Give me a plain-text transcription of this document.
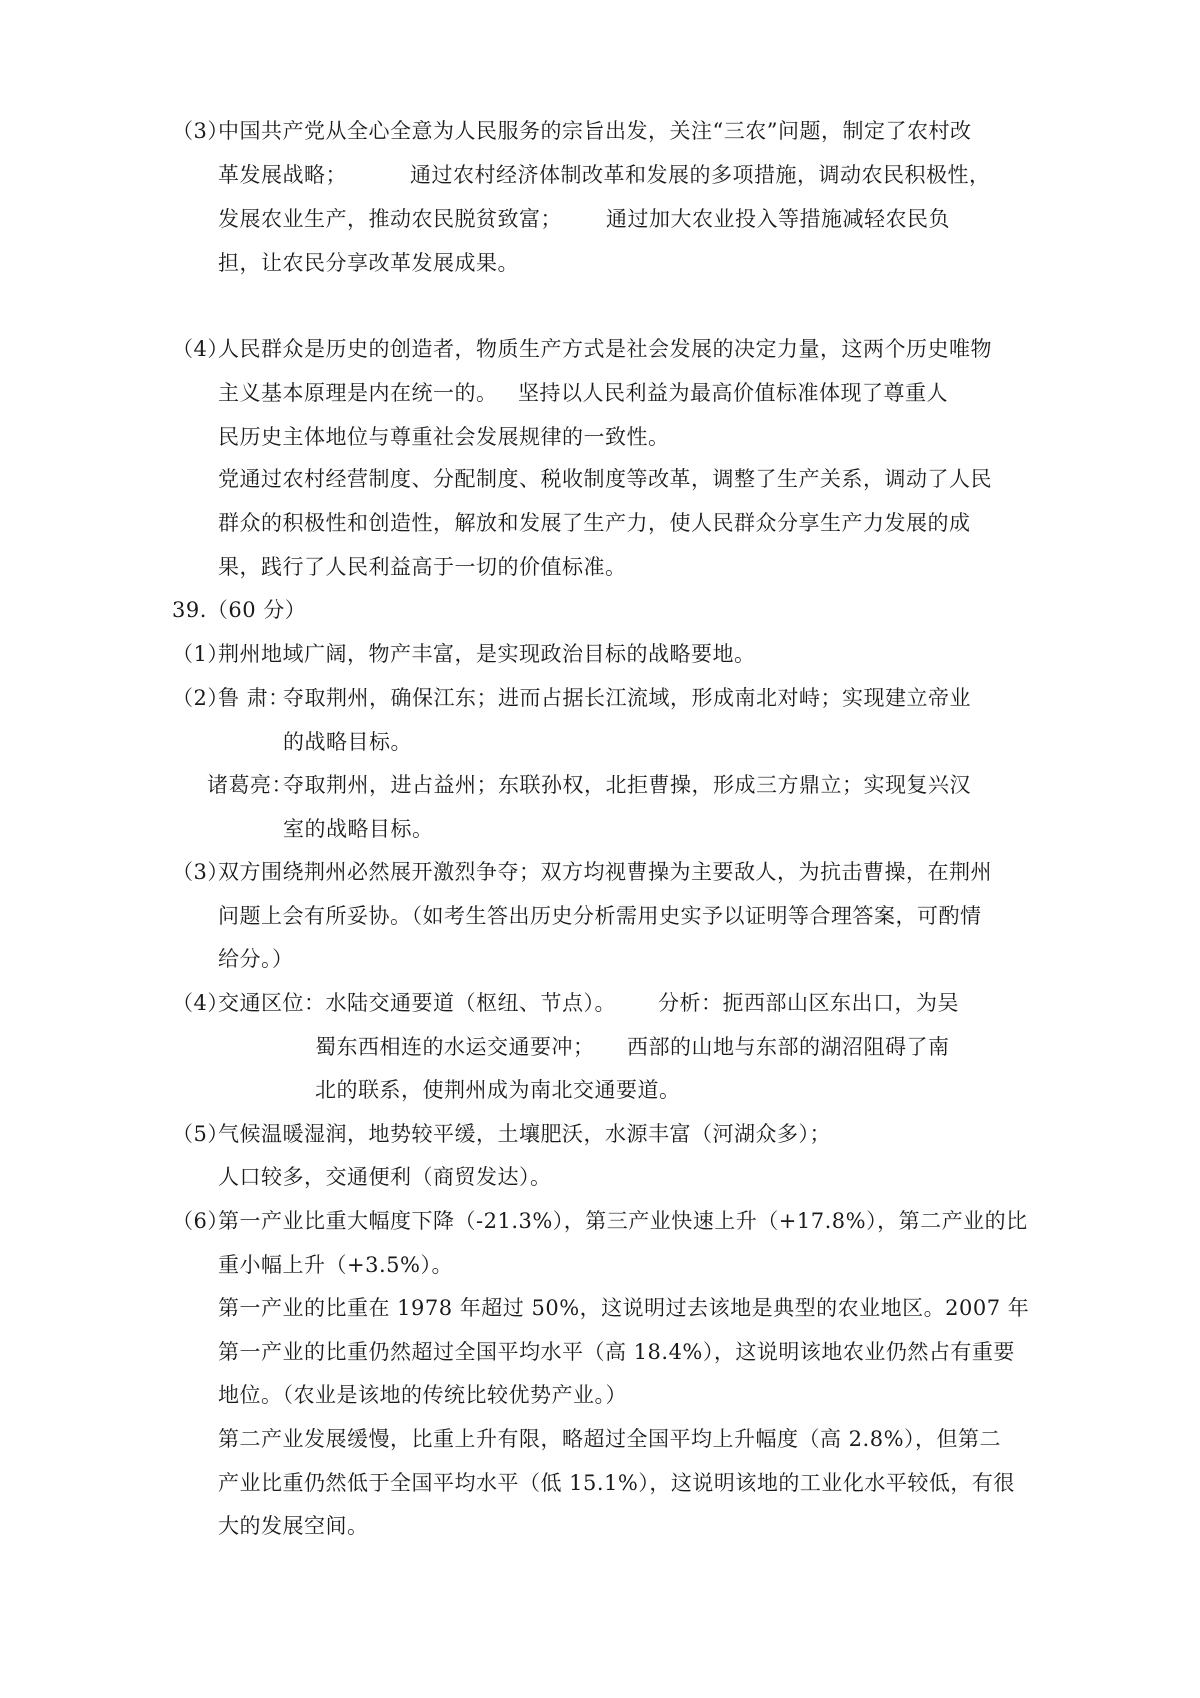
（3）
中国共产党从全心全意为人民服务的宗旨出发，关注“三农”问题，制定了农村改
革发展战略；	通过农村经济体制改革和发展的多项措施，调动农民积极性，
发展农业生产，推动农民脱贫致富； 通过加大农业投入等措施减轻农民负
担，让农民分享改革发展成果。
（4）
人民群众是历史的创造者，物质生产方式是社会发展的决定力量，这两个历史唯物
主义基本原理是内在统一的。 坚持以人民利益为最高价值标准体现了尊重人
民历史主体地位与尊重社会发展规律的一致性。
党通过农村经营制度、分配制度、税收制度等改革，调整了生产关系，调动了人民
群众的积极性和创造性，解放和发展了生产力，使人民群众分享生产力发展的成
果，践行了人民利益高于一切的价值标准。
39.（60 分）
（1）
荆州地域广阔，物产丰富，是实现政治目标的战略要地。
（2）
鲁 肃：
夺取荆州，确保江东；进而占据长江流域，形成南北对峙；实现建立帝业
的战略目标。
诸葛亮：
夺取荆州，进占益州；东联孙权，北拒曹操，形成三方鼎立；实现复兴汉
室的战略目标。
（3）
双方围绕荆州必然展开激烈争夺；双方均视曹操为主要敌人，为抗击曹操，在荆州
问题上会有所妥协。（如考生答出历史分析需用史实予以证明等合理答案，可酌情
给分。）
（4）
交通区位：水陆交通要道（枢纽、节点）。 分析：扼西部山区东出口，为吴
蜀东西相连的水运交通要冲； 西部的山地与东部的湖沼阻碍了南
北的联系，使荆州成为南北交通要道。
（5）
气候温暖湿润，地势较平缓，土壤肥沃，水源丰富（河湖众多）；
人口较多，交通便利（商贸发达）。
（6）
第一产业比重大幅度下降（-21.3%），第三产业快速上升（+17.8%），第二产业的比
重小幅上升（+3.5%）。
第一产业的比重在 1978 年超过 50%，这说明过去该地是典型的农业地区。2007 年
第一产业的比重仍然超过全国平均水平（高 18.4%），这说明该地农业仍然占有重要
地位。（农业是该地的传统比较优势产业。）
第二产业发展缓慢，比重上升有限，略超过全国平均上升幅度（高 2.8%），但第二
产业比重仍然低于全国平均水平（低 15.1%），这说明该地的工业化水平较低，有很
大的发展空间。
